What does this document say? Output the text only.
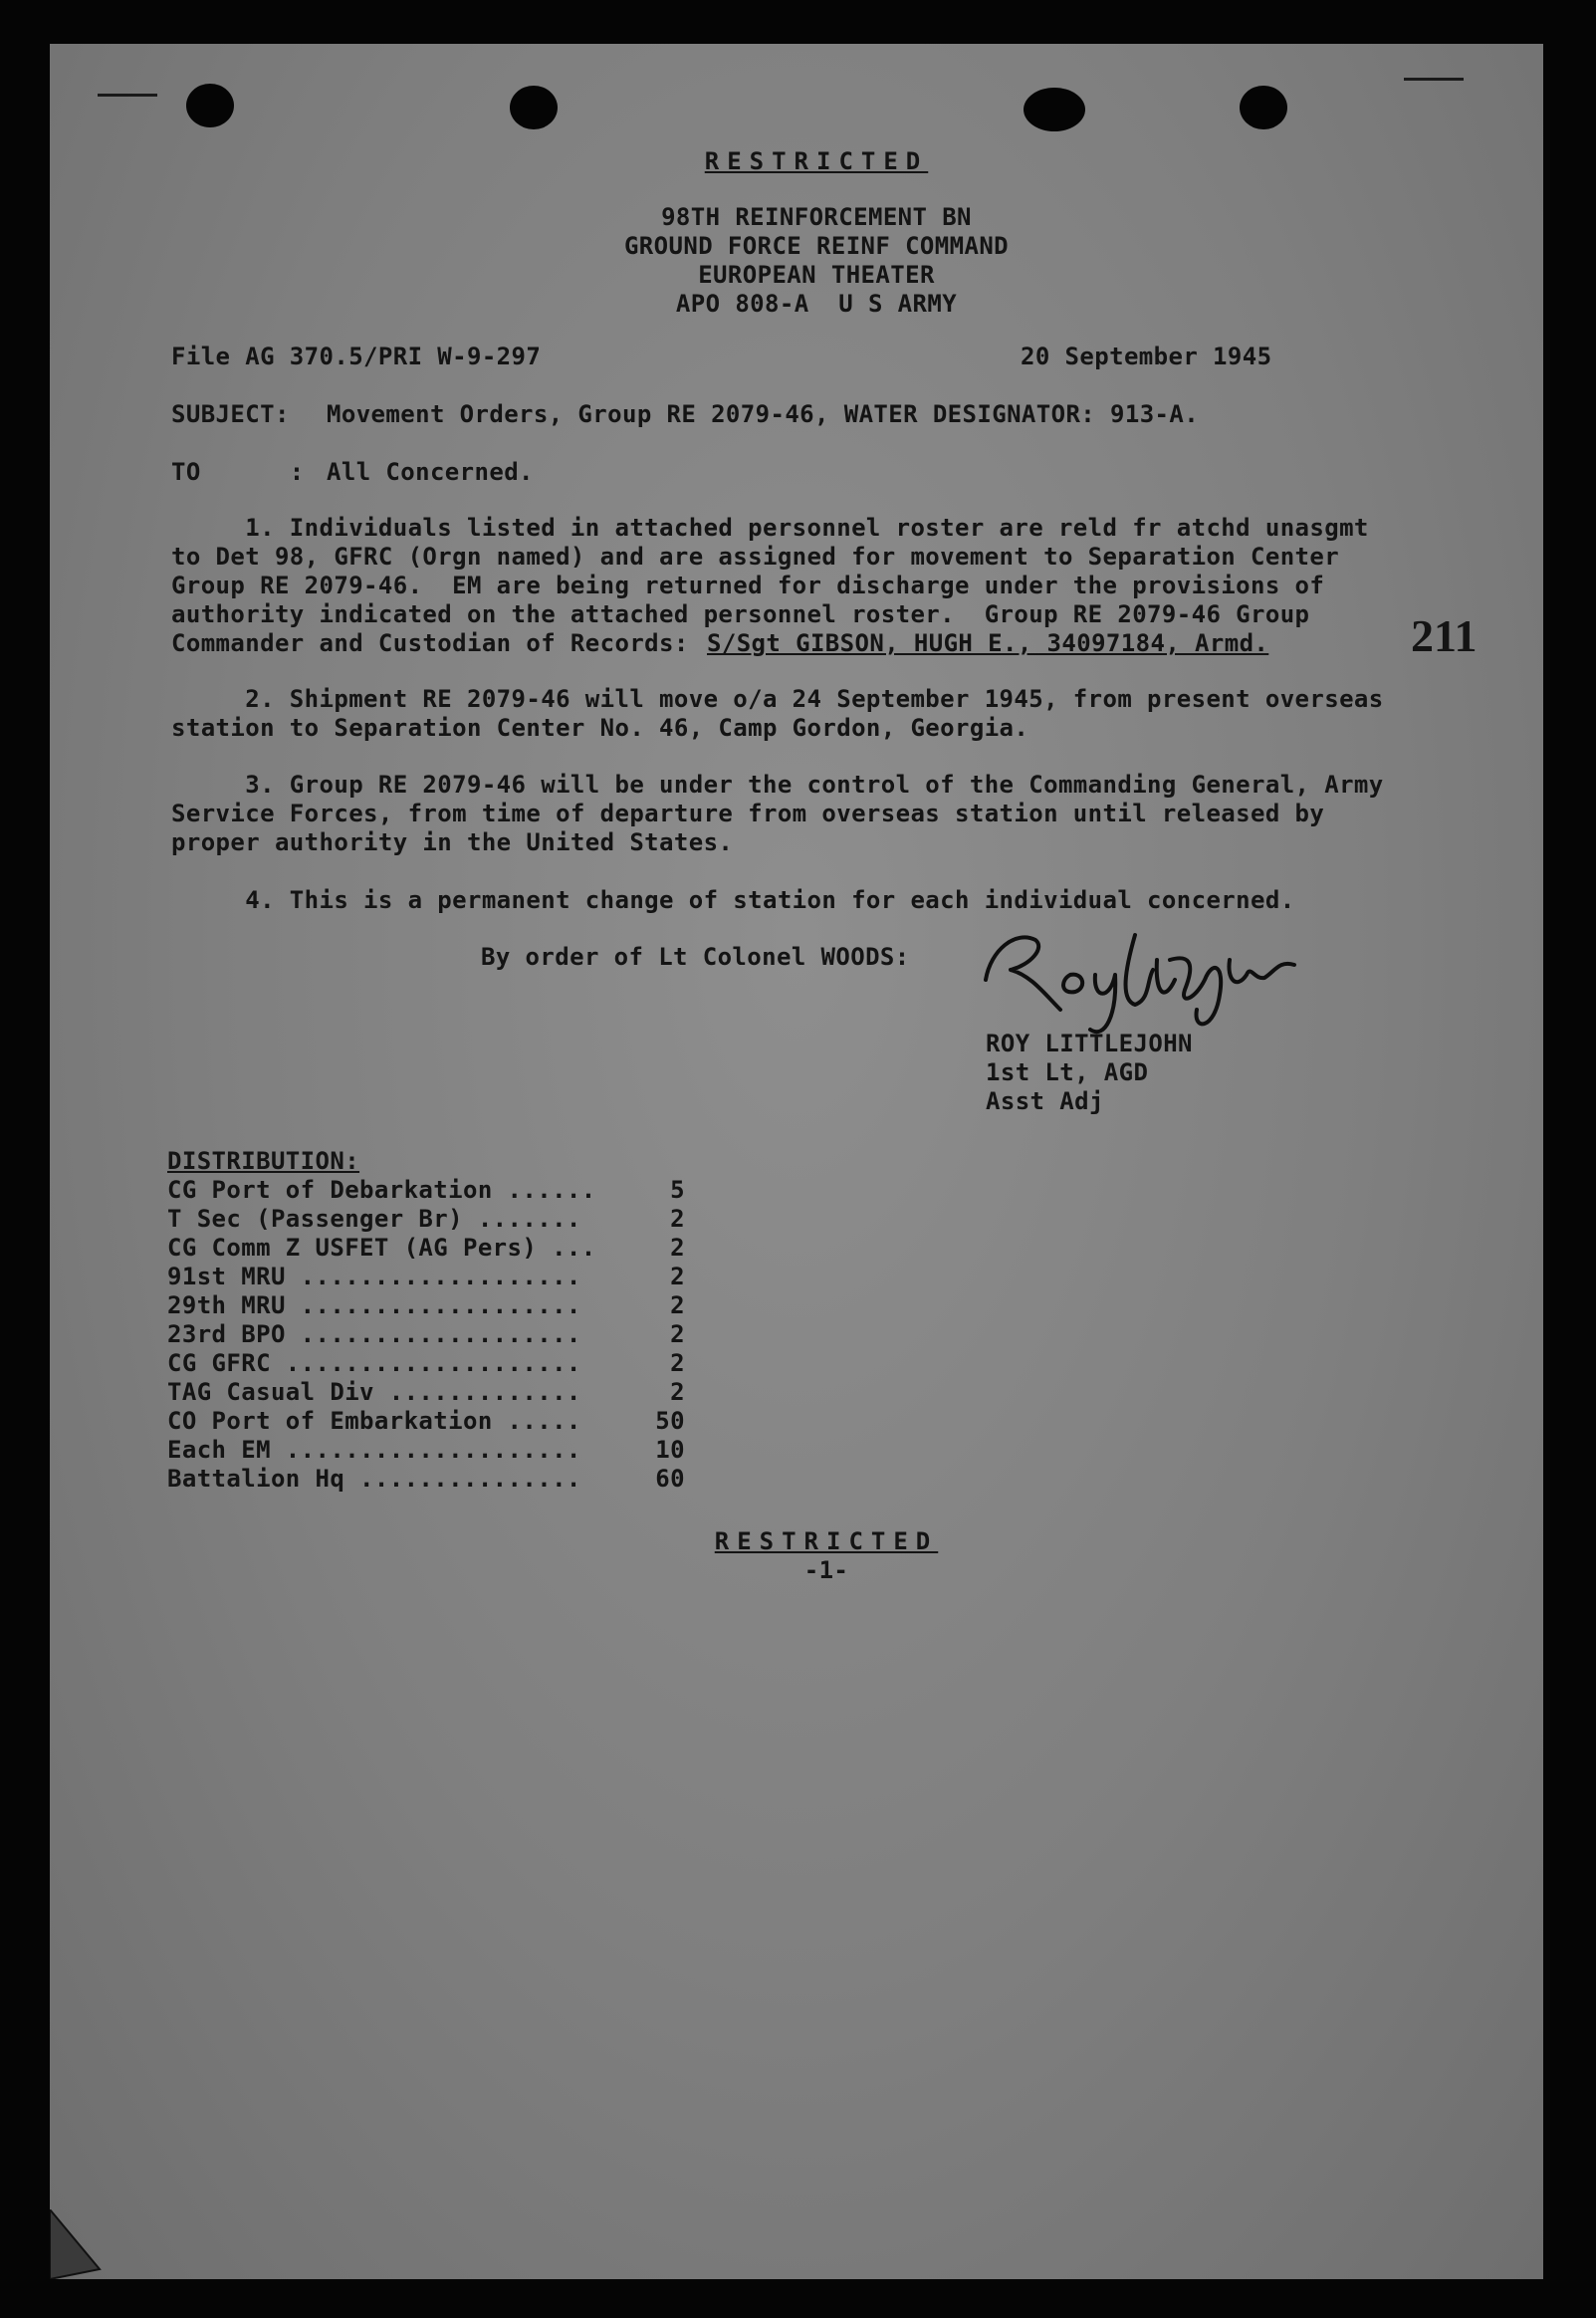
RESTRICTED
98TH REINFORCEMENT BN
GROUND FORCE REINF COMMAND
EUROPEAN THEATER
APO 808-A  U S ARMY
File AG 370.5/PRI W-9-297	20 September 1945
SUBJECT: Movement Orders, Group RE 2079-46, WATER DESIGNATOR: 913-A.
TO      : All Concerned.
1. Individuals listed in attached personnel roster are reld fr atchd unasgmt
to Det 98, GFRC (Orgn named) and are assigned for movement to Separation Center
Group RE 2079-46.  EM are being returned for discharge under the provisions of
authority indicated on the attached personnel roster.  Group RE 2079-46 Group
Commander and Custodian of Records: S/Sgt GIBSON, HUGH E., 34097184, Armd.	211
2. Shipment RE 2079-46 will move o/a 24 September 1945, from present overseas
station to Separation Center No. 46, Camp Gordon, Georgia.
3. Group RE 2079-46 will be under the control of the Commanding General, Army
Service Forces, from time of departure from overseas station until released by
proper authority in the United States.
4. This is a permanent change of station for each individual concerned.
By order of Lt Colonel WOODS:
ROY LITTLEJOHN
1st Lt, AGD
Asst Adj
DISTRIBUTION:
CG Port of Debarkation ......	5
T Sec (Passenger Br) .......	2
CG Comm Z USFET (AG Pers) ...	2
91st MRU ...................	2
29th MRU ...................	2
23rd BPO ...................	2
CG GFRC ....................	2
TAG Casual Div .............	2
CO Port of Embarkation .....	50
Each EM ....................	10
Battalion Hq ...............	60
RESTRICTED
-1-
